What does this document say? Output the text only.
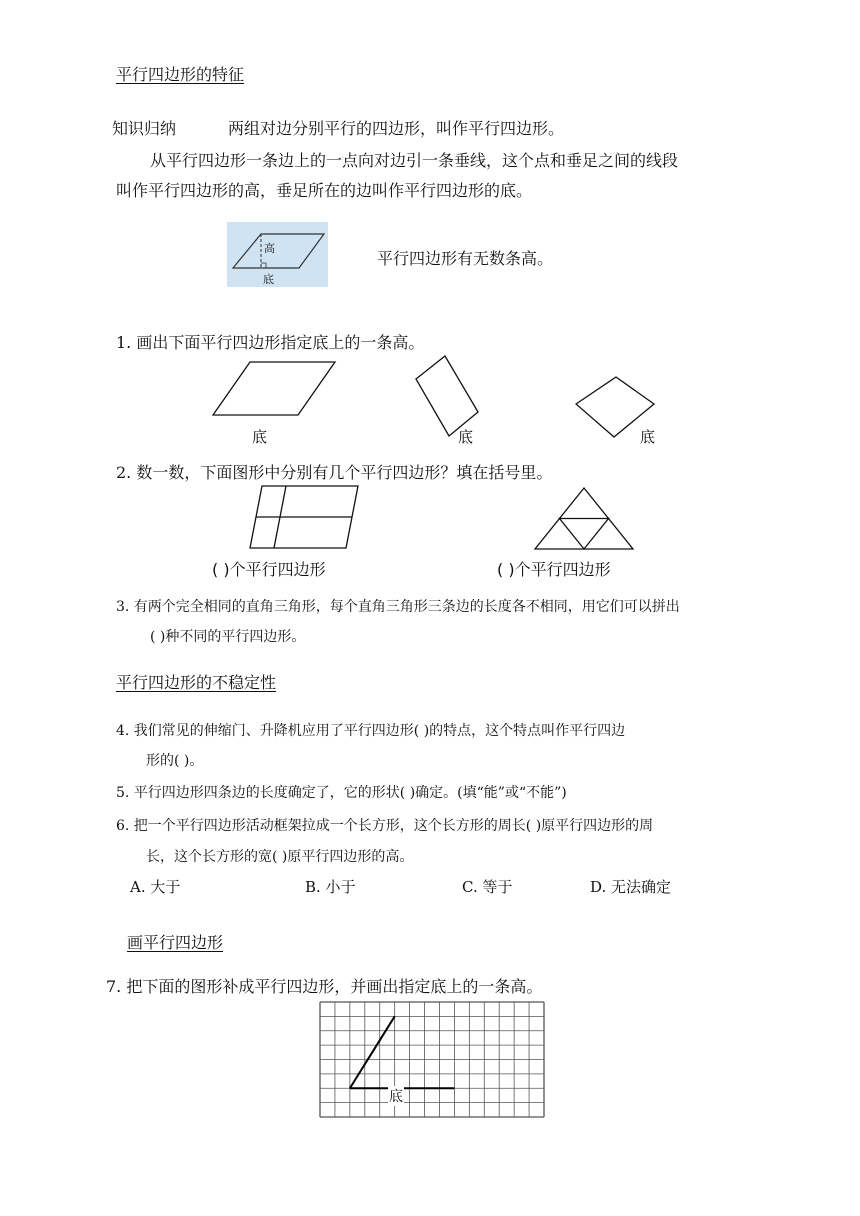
平行四边形的特征
知识归纳	两组对边分别平行的四边形，叫作平行四边形。
从平行四边形一条边上的一点向对边引一条垂线，这个点和垂足之间的线段
叫作平行四边形的高，垂足所在的边叫作平行四边形的底。
高
底
平行四边形有无数条高。
1. 画出下面平行四边形指定底上的一条高。
底	底	底
2. 数一数，下面图形中分别有几个平行四边形？填在括号里。
( )个平行四边形	( )个平行四边形
3. 有两个完全相同的直角三角形，每个直角三角形三条边的长度各不相同，用它们可以拼出
( )种不同的平行四边形。
平行四边形的不稳定性
4. 我们常见的伸缩门、升降机应用了平行四边形( )的特点，这个特点叫作平行四边
形的( )。
5. 平行四边形四条边的长度确定了，它的形状( )确定。(填“能”或“不能”)
6. 把一个平行四边形活动框架拉成一个长方形，这个长方形的周长( )原平行四边形的周
长，这个长方形的宽( )原平行四边形的高。
A. 大于	B. 小于	C. 等于	D. 无法确定
画平行四边形
7. 把下面的图形补成平行四边形，并画出指定底上的一条高。
底
